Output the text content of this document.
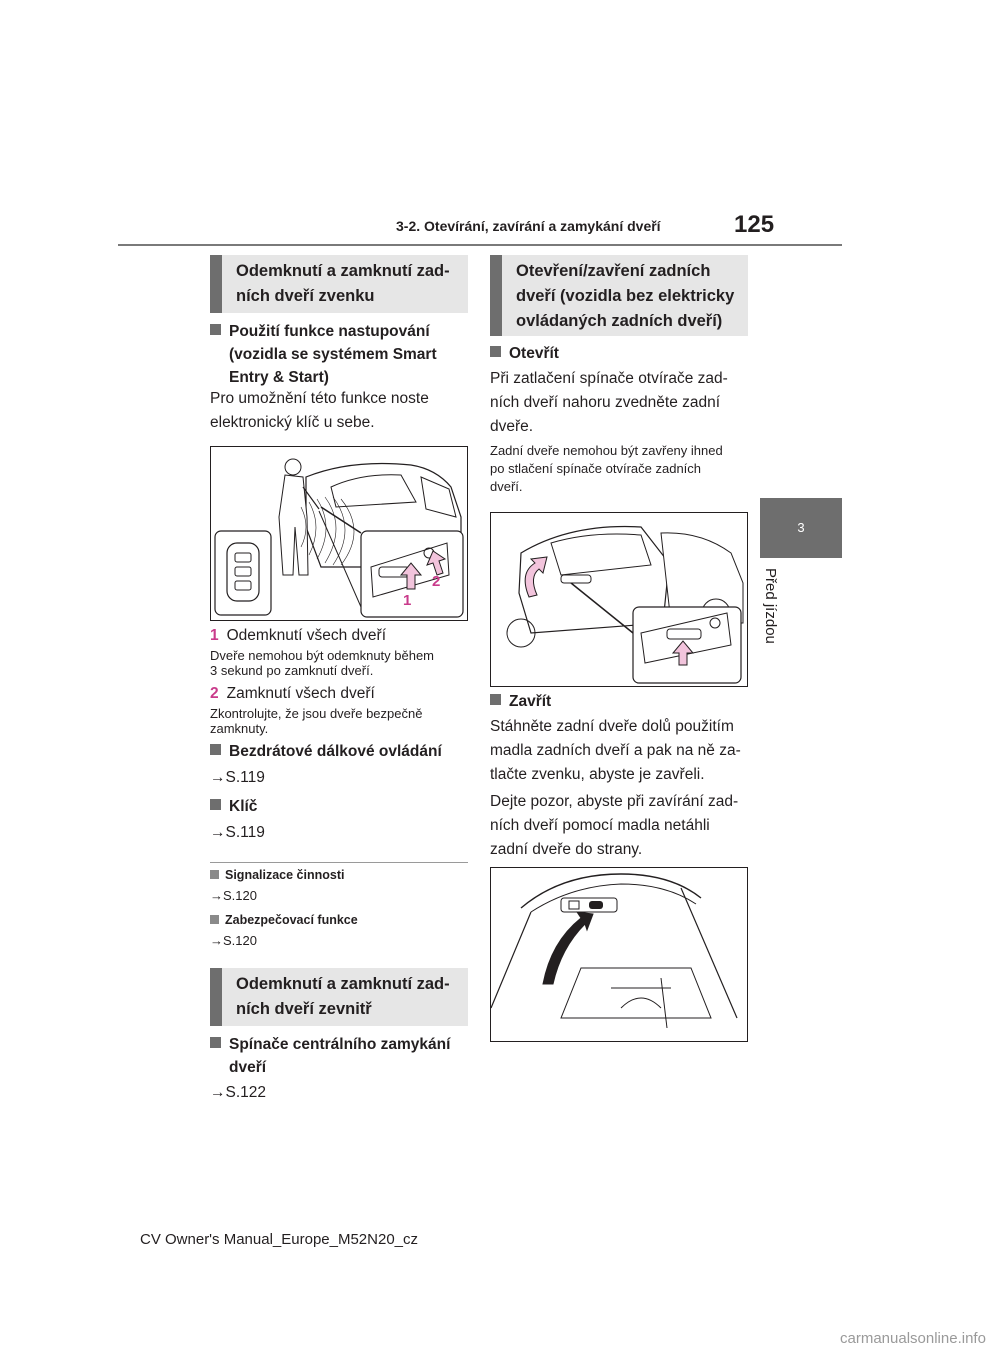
3-2. Otevírání, zavírání a zamykání dveří	125
3
Před jízdou
Odemknutí a zamknutí zad-
ních dveří zvenku
Použití funkce nastupování
(vozidla se systémem Smart
Entry & Start)
Pro umožnění této funkce noste
elektronický klíč u sebe.
1
2
1 Odemknutí všech dveří
Dveře nemohou být odemknuty během
3 sekund po zamknutí dveří.
2 Zamknutí všech dveří
Zkontrolujte, že jsou dveře bezpečně
zamknuty.
Bezdrátové dálkové ovládání
→S.119
Klíč
→S.119
Signalizace činnosti
→S.120
Zabezpečovací funkce
→S.120
Odemknutí a zamknutí zad-
ních dveří zevnitř
Spínače centrálního zamykání
dveří
→S.122
Otevření/zavření zadních
dveří (vozidla bez elektricky
ovládaných zadních dveří)
Otevřít
Při zatlačení spínače otvírače zad-
ních dveří nahoru zvedněte zadní
dveře.
Zadní dveře nemohou být zavřeny ihned
po stlačení spínače otvírače zadních
dveří.
Zavřít
Stáhněte zadní dveře dolů použitím
madla zadních dveří a pak na ně za-
tlačte zvenku, abyste je zavřeli.
Dejte pozor, abyste při zavírání zad-
ních dveří pomocí madla netáhli
zadní dveře do strany.
CV Owner's Manual_Europe_M52N20_cz
carmanualsonline.info
